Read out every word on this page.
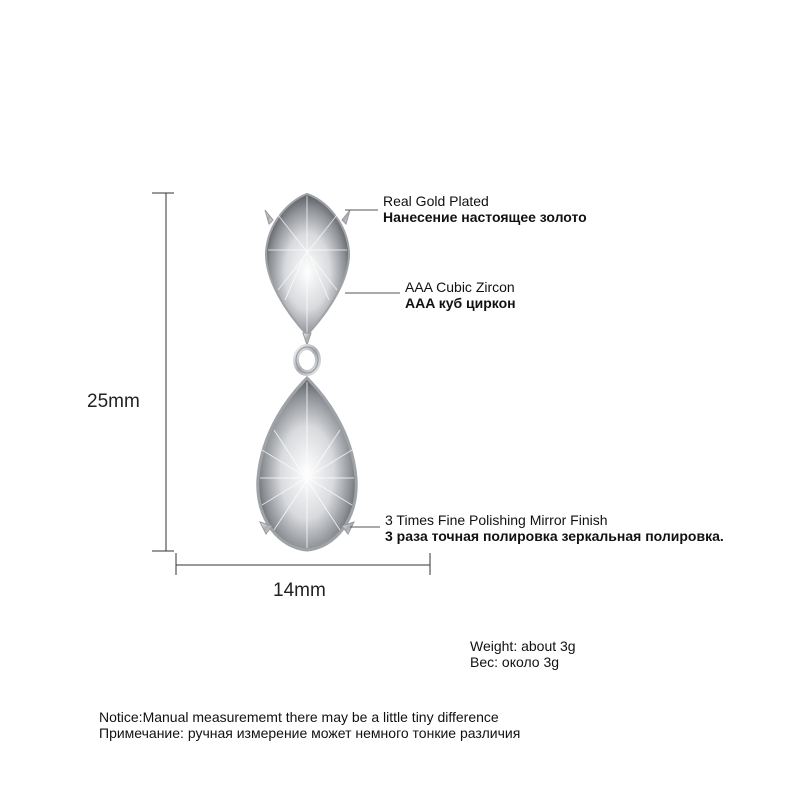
25mm
14mm
Real Gold Plated
Нанесение настоящее золото
AAA Cubic Zircon
AAA куб циркон
3 Times Fine Polishing Mirror Finish
3 раза точная полировка зеркальная полировка.
Weight: about 3g
Вес: около 3g
Notice:Manual measurememt there may be a little tiny difference
Примечание: ручная измерение может немного тонкие различия
